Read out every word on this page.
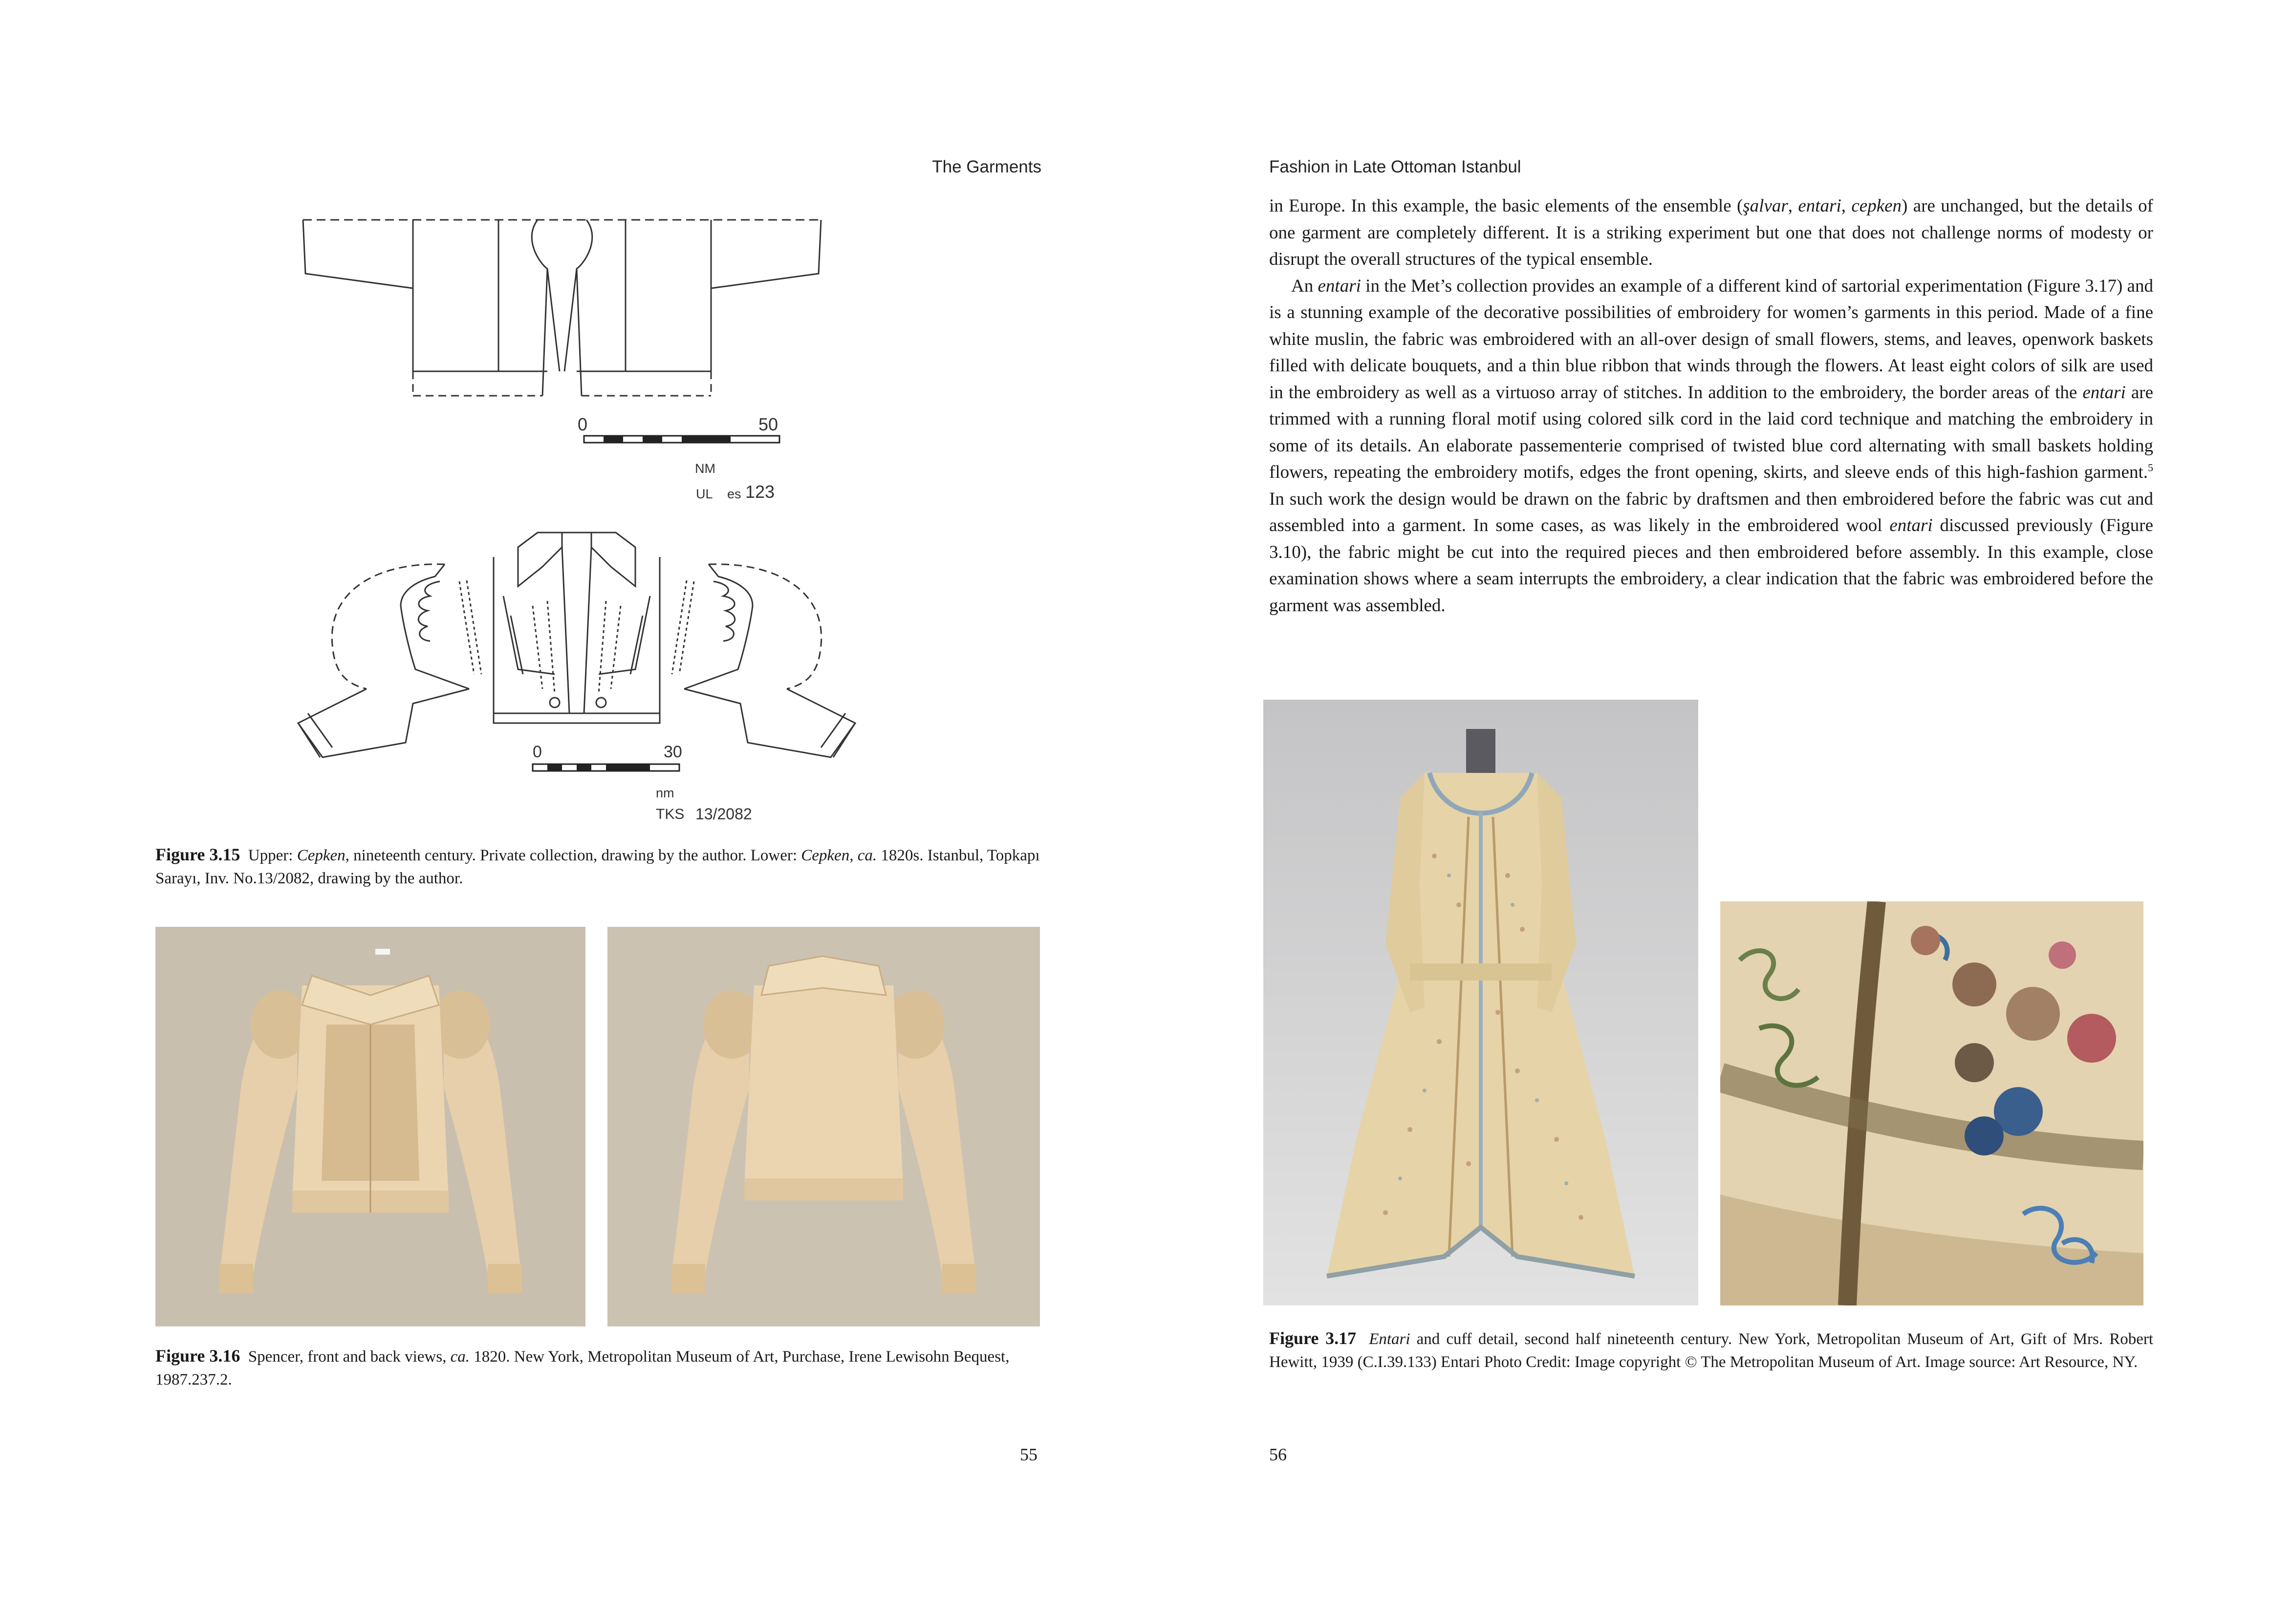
The Garments
0	50
NM
UL es 123
0	30
nm
TKS 13/2082
Figure 3.15 Upper: Cepken, nineteenth century. Private collection, drawing by the author. Lower: Cepken, ca. 1820s. Istanbul, Topkapı Sarayı, Inv. No.13/2082, drawing by the author.
Figure 3.16 Spencer, front and back views, ca. 1820. New York, Metropolitan Museum of Art, Purchase, Irene Lewisohn Bequest, 1987.237.2.
55
Fashion in Late Ottoman Istanbul

in Europe. In this example, the basic elements of the ensemble (şalvar, entari, cepken) are unchanged, but the details of one garment are completely different. It is a striking experiment but one that does not challenge norms of modesty or disrupt the overall structures of the typical ensemble.

An entari in the Met’s collection provides an example of a different kind of sartorial experimentation (Figure 3.17) and is a stunning example of the decorative possibilities of embroidery for women’s garments in this period. Made of a fine white muslin, the fabric was embroidered with an all-over design of small flowers, stems, and leaves, openwork baskets filled with delicate bouquets, and a thin blue ribbon that winds through the flowers. At least eight colors of silk are used in the embroidery as well as a virtuoso array of stitches. In addition to the embroidery, the border areas of the entari are trimmed with a running floral motif using colored silk cord in the laid cord technique and matching the embroidery in some of its details. An elaborate passementerie comprised of twisted blue cord alternating with small baskets holding flowers, repeating the embroidery motifs, edges the front opening, skirts, and sleeve ends of this high-fashion garment.$^5$ In such work the design would be drawn on the fabric by draftsmen and then embroidered before the fabric was cut and assembled into a garment. In some cases, as was likely in the embroidered wool entari discussed previously (Figure 3.10), the fabric might be cut into the required pieces and then embroidered before assembly. In this example, close examination shows where a seam interrupts the embroidery, a clear indication that the fabric was embroidered before the garment was assembled.

Figure 3.17 Entari and cuff detail, second half nineteenth century. New York, Metropolitan Museum of Art, Gift of Mrs. Robert Hewitt, 1939 (C.I.39.133) Entari Photo Credit: Image copyright © The Metropolitan Museum of Art. Image source: Art Resource, NY.
56
